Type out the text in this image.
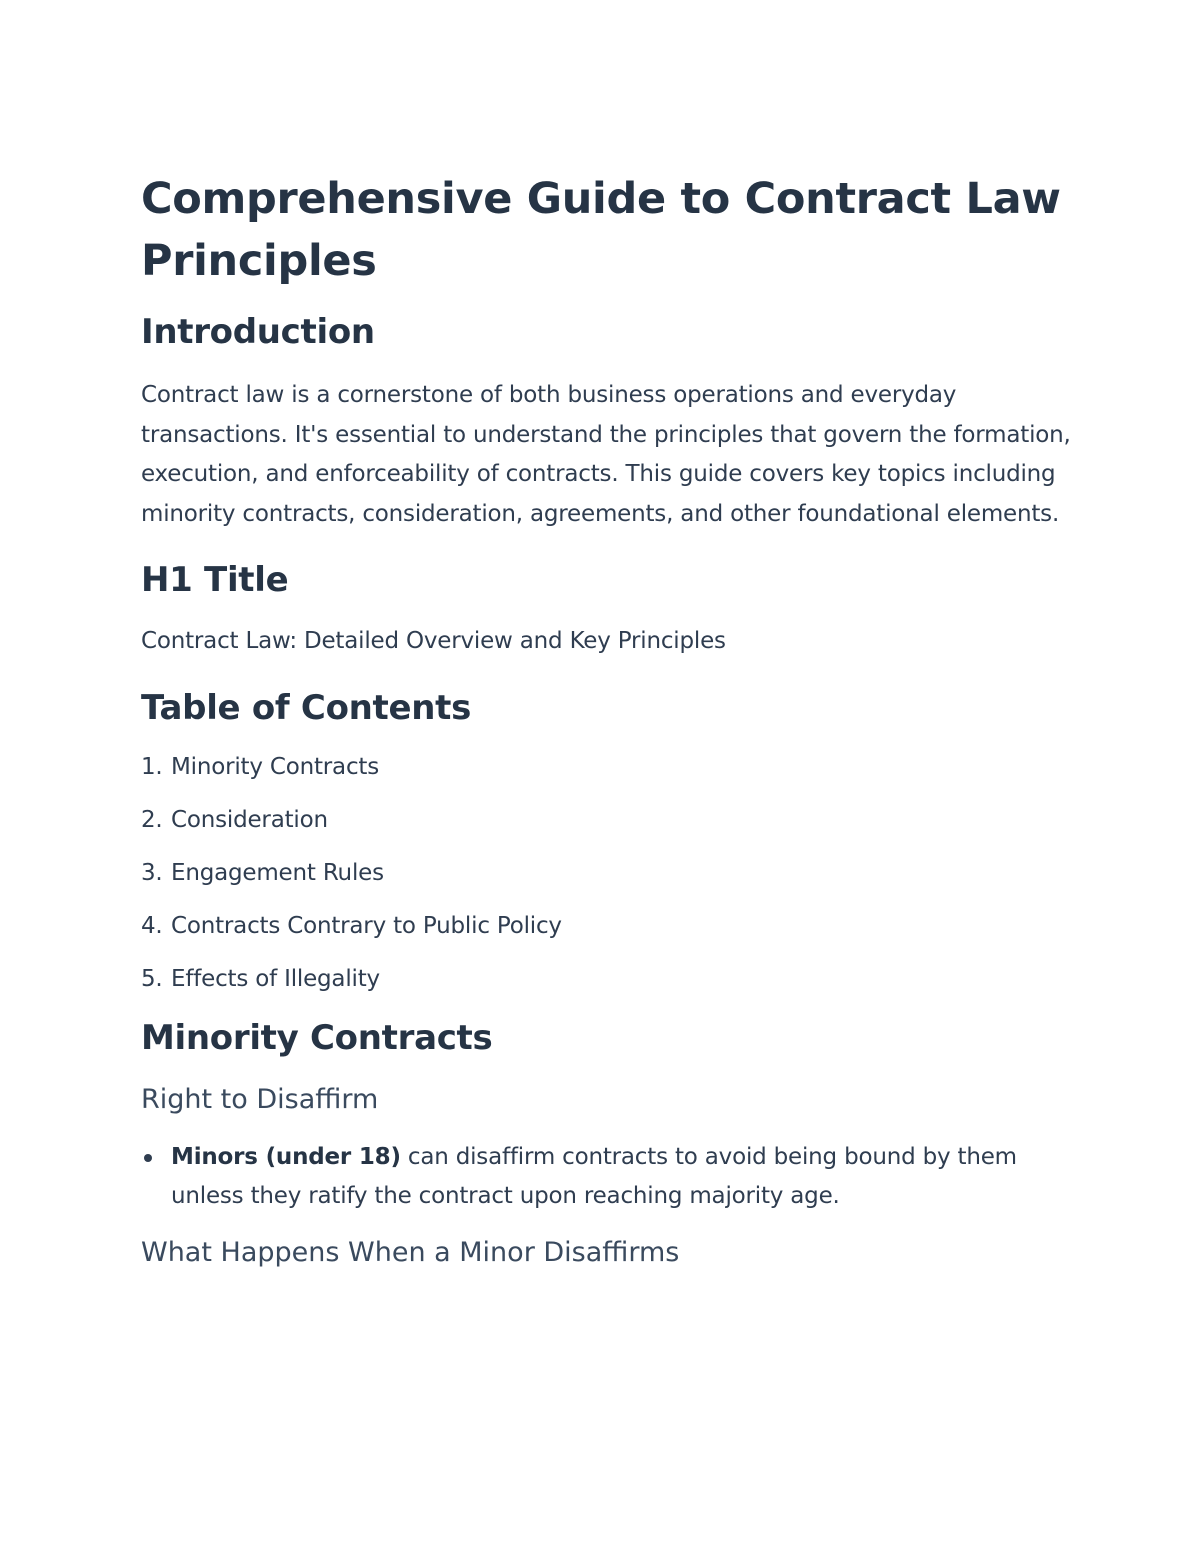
Comprehensive Guide to Contract Law Principles
Introduction

Contract law is a cornerstone of both business operations and everyday transactions. It's essential to understand the principles that govern the formation, execution, and enforceability of contracts. This guide covers key topics including minority contracts, consideration, agreements, and other foundational elements.

H1 Title

Contract Law: Detailed Overview and Key Principles

Table of Contents
1. Minority Contracts
2. Consideration
3. Engagement Rules
4. Contracts Contrary to Public Policy
5. Effects of Illegality
Minority Contracts
Right to Disaffirm
Minors (under 18) can disaffirm contracts to avoid being bound by them unless they ratify the contract upon reaching majority age.
What Happens When a Minor Disaffirms
